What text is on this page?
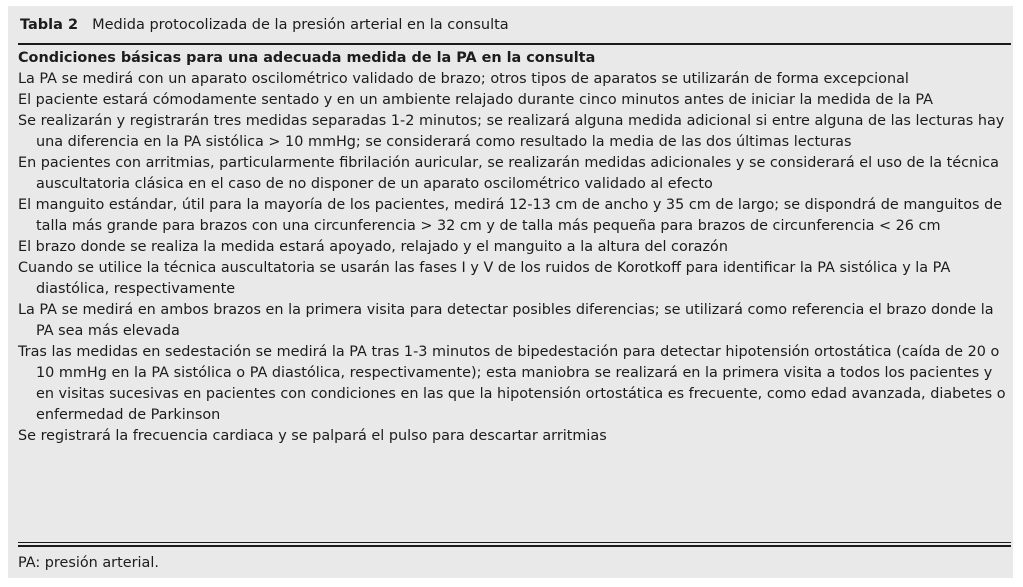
Tabla 2 Medida protocolizada de la presión arterial en la consulta
Condiciones básicas para una adecuada medida de la PA en la consulta
La PA se medirá con un aparato oscilométrico validado de brazo; otros tipos de aparatos se utilizarán de forma excepcional
El paciente estará cómodamente sentado y en un ambiente relajado durante cinco minutos antes de iniciar la medida de la PA
Se realizarán y registrarán tres medidas separadas 1-2 minutos; se realizará alguna medida adicional si entre alguna de las lecturas hay una diferencia en la PA sistólica > 10 mmHg; se considerará como resultado la media de las dos últimas lecturas
En pacientes con arritmias, particularmente fibrilación auricular, se realizarán medidas adicionales y se considerará el uso de la técnica auscultatoria clásica en el caso de no disponer de un aparato oscilométrico validado al efecto
El manguito estándar, útil para la mayoría de los pacientes, medirá 12-13 cm de ancho y 35 cm de largo; se dispondrá de manguitos de talla más grande para brazos con una circunferencia > 32 cm y de talla más pequeña para brazos de circunferencia < 26 cm
El brazo donde se realiza la medida estará apoyado, relajado y el manguito a la altura del corazón
Cuando se utilice la técnica auscultatoria se usarán las fases I y V de los ruidos de Korotkoff para identificar la PA sistólica y la PA diastólica, respectivamente
La PA se medirá en ambos brazos en la primera visita para detectar posibles diferencias; se utilizará como referencia el brazo donde la PA sea más elevada
Tras las medidas en sedestación se medirá la PA tras 1-3 minutos de bipedestación para detectar hipotensión ortostática (caída de 20 o 10 mmHg en la PA sistólica o PA diastólica, respectivamente); esta maniobra se realizará en la primera visita a todos los pacientes y en visitas sucesivas en pacientes con condiciones en las que la hipotensión ortostática es frecuente, como edad avanzada, diabetes o enfermedad de Parkinson
Se registrará la frecuencia cardiaca y se palpará el pulso para descartar arritmias
PA: presión arterial.
